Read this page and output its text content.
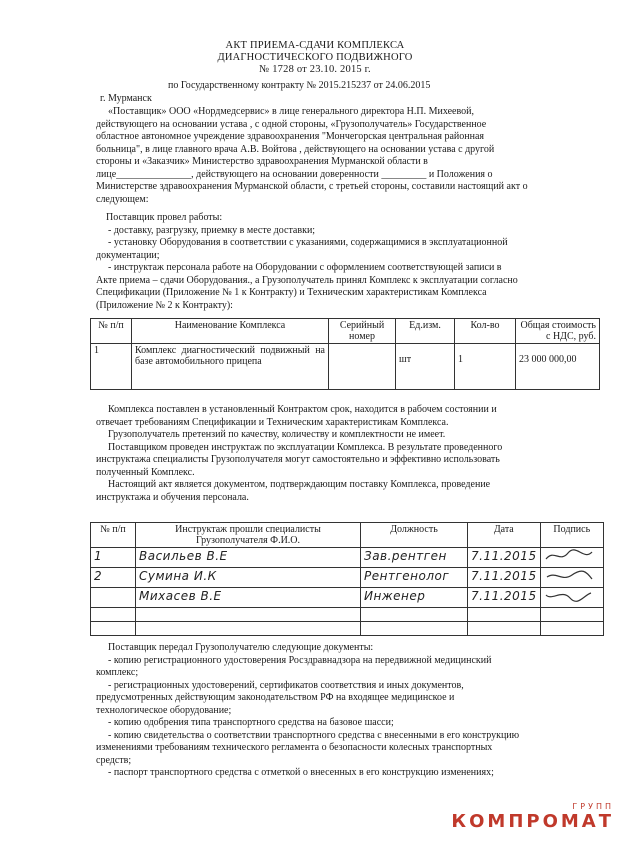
АКТ ПРИЕМА-СДАЧИ КОМПЛЕКСА
ДИАГНОСТИЧЕСКОГО ПОДВИЖНОГО
№ 1728 от 23.10. 2015 г.
по Государственному контракту № 2015.215237 от 24.06.2015
г. Мурманск
«Поставщик» ООО «Нордмедсервис» в лице генерального директора Н.П. Михеевой,
действующего на основании устава , с одной стороны, «Грузополучатель» Государственное
областное автономное учреждение здравоохранения "Мончегорская центральная районная
больница", в лице главного врача А.В. Войтова , действующего на основании устава с другой
стороны и «Заказчик» Министерство здравоохранения Мурманской области в
лице_______________, действующего на основании доверенности _________ и Положения о
Министерстве здравоохранения Мурманской области, с третьей стороны, составили настоящий акт о
следующем:
Поставщик провел работы:
- доставку, разгрузку, приемку в месте доставки;
- установку Оборудования в соответствии с указаниями, содержащимися в эксплуатационной
документации;
- инструктаж персонала работе на Оборудовании с оформлением соответствующей записи в
Акте приема – сдачи Оборудования., а Грузополучатель принял Комплекс к эксплуатации согласно
Спецификации (Приложение № 1 к Контракту) и Техническим характеристикам Комплекса
(Приложение № 2 к Контракту):
№ п/п	Наименование Комплекса	Серийный номер	Ед.изм.	Кол-во	Общая стоимость с НДС, руб.
1	Комплекс диагностический подвижный на базе автомобильного прицепа		шт	1	23 000 000,00
Комплекса поставлен в установленный Контрактом срок, находится в рабочем состоянии и
отвечает требованиям Спецификации и Техническим характеристикам Комплекса.
Грузополучатель претензий по качеству, количеству и комплектности не имеет.
Поставщиком проведен инструктаж по эксплуатации Комплекса. В результате проведенного
инструктажа специалисты Грузополучателя могут самостоятельно и эффективно использовать
полученный Комплекс.
Настоящий акт является документом, подтверждающим поставку Комплекса, проведение
инструктажа и обучения персонала.
№ п/п	Инструктаж прошли специалисты Грузополучателя Ф.И.О.	Должность	Дата	Подпись
1	Васильев В.Е	Зав.рентген	7.11.2015	
2	Сумина И.К	Рентгенолог	7.11.2015	
	Михасев В.Е	Инженер	7.11.2015	

Поставщик передал Грузополучателю следующие документы:
- копию регистрационного удостоверения Росздравнадзора на передвижной медицинский
комплекс;
- регистрационных удостоверений, сертификатов соответствия и иных документов,
предусмотренных действующим законодательством РФ на входящее медицинское и
технологическое оборудование;
- копию одобрения типа транспортного средства на базовое шасси;
- копию свидетельства о соответствии транспортного средства с внесенными в его конструкцию
изменениями требованиям технического регламента о безопасности колесных транспортных
средств;
- паспорт транспортного средства с отметкой о внесенных в его конструкцию изменениях;
ГРУПП
КОМПРОМАТ
